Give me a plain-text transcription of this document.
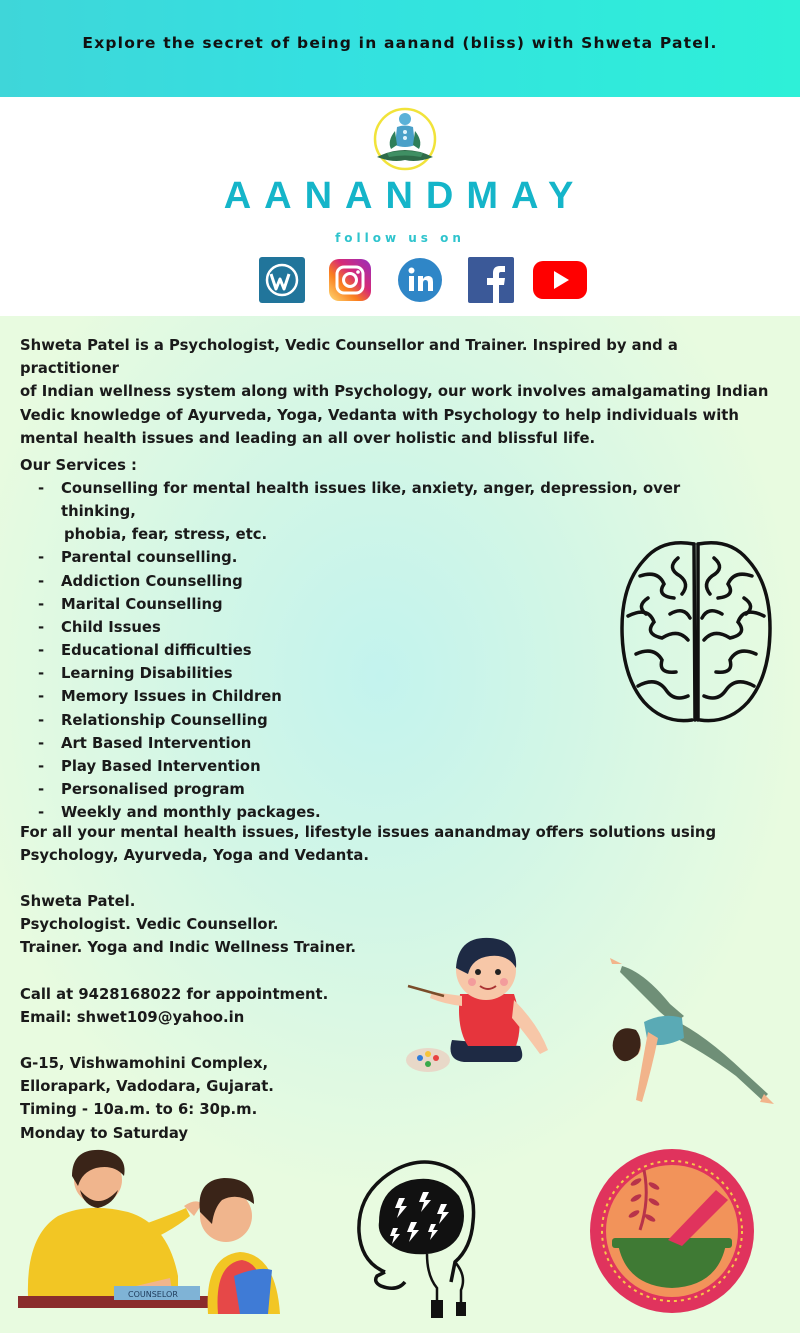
Explore the secret of being in aanand (bliss) with Shweta Patel.
AANANDMAY
follow us on
Shweta Patel is a Psychologist, Vedic Counsellor and Trainer. Inspired by and a practitioner
of Indian wellness system along with Psychology, our work involves amalgamating Indian
Vedic knowledge of Ayurveda, Yoga, Vedanta with Psychology to help individuals with
mental health issues and leading an all over holistic and blissful life.
Our Services :
- Counselling for mental health issues like, anxiety, anger, depression, over thinking,
phobia, fear, stress, etc.
- Parental counselling.
- Addiction Counselling
- Marital Counselling
- Child Issues
- Educational difficulties
- Learning Disabilities
- Memory Issues in Children
- Relationship Counselling
- Art Based Intervention
- Play Based Intervention
- Personalised program
- Weekly and monthly packages.
For all your mental health issues, lifestyle issues aanandmay offers solutions using
Psychology, Ayurveda, Yoga and Vedanta.
Shweta Patel.
Psychologist. Vedic Counsellor.
Trainer. Yoga and Indic Wellness Trainer.
Call at 9428168022 for appointment.
Email: shwet109@yahoo.in
G-15, Vishwamohini Complex,
Ellorapark, Vadodara, Gujarat.
Timing - 10a.m. to 6: 30p.m.
Monday to Saturday
COUNSELOR
